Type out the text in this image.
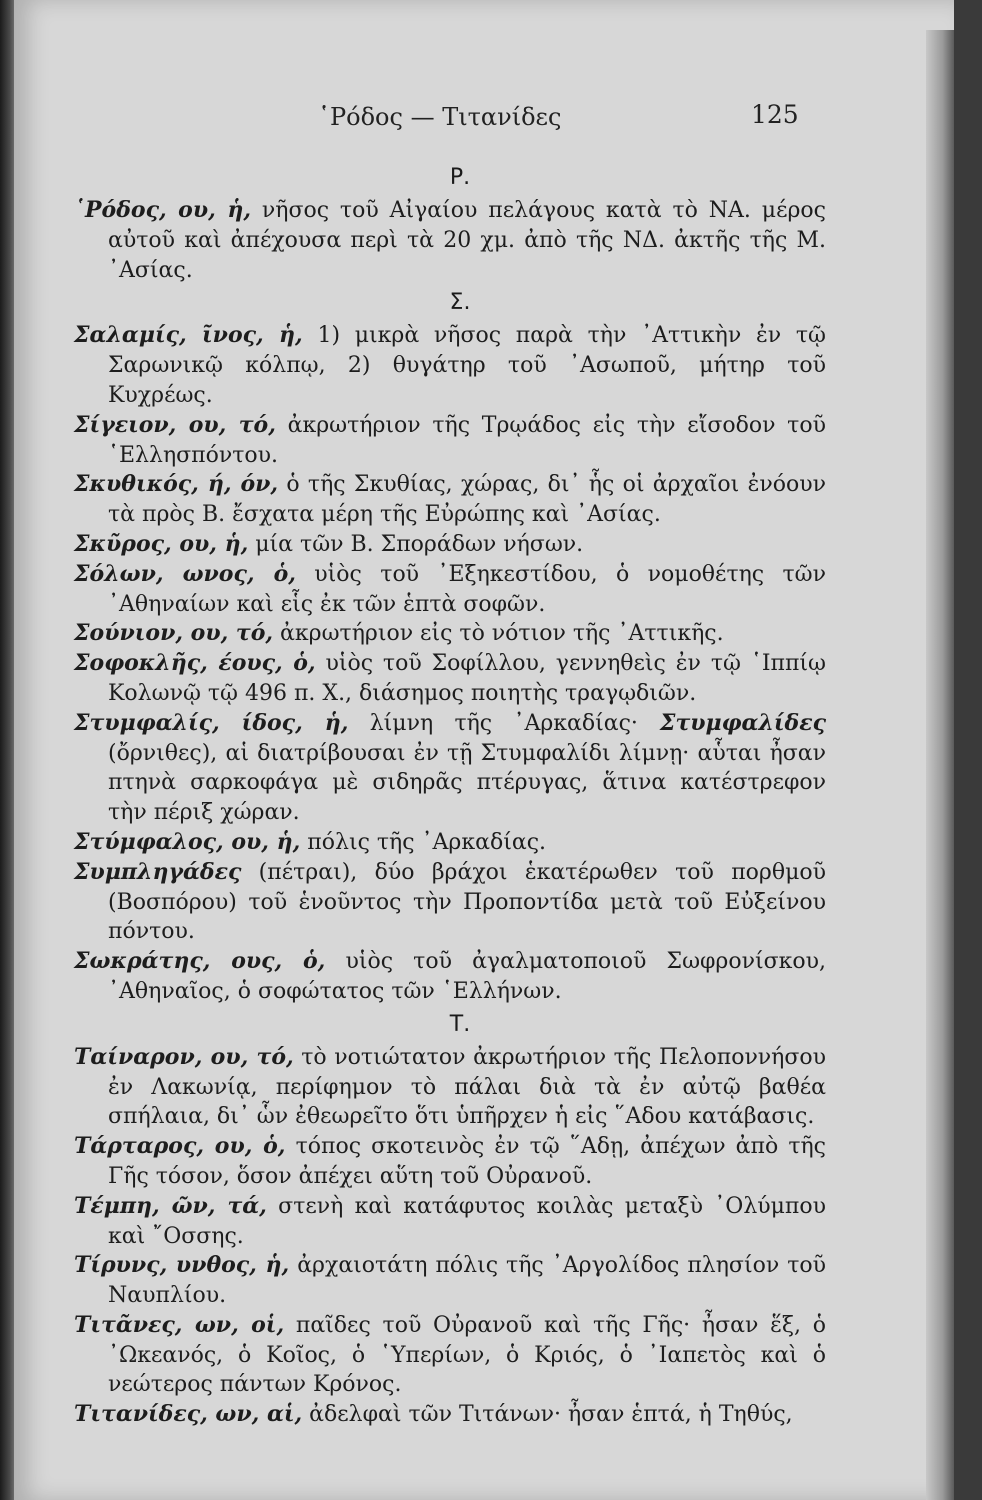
῾Ρόδος — Τιτανίδες	125
Ρ.

῾Ρόδος, ου, ἡ, νῆσος τοῦ Αἰγαίου πελάγους κατὰ τὸ ΝΑ. μέρος αὐτοῦ καὶ ἀπέχουσα περὶ τὰ 20 χμ. ἀπὸ τῆς ΝΔ. ἀκτῆς τῆς Μ. ᾿Ασίας.

Σ.

Σαλαμίς, ῖνος, ἡ, 1) μικρὰ νῆσος παρὰ τὴν ᾿Αττικὴν ἐν τῷ Σαρωνικῷ κόλπῳ, 2) θυγάτηρ τοῦ ᾿Ασωποῦ, μήτηρ τοῦ Κυχρέως.

Σίγειον, ου, τό, ἀκρωτήριον τῆς Τρῳάδος εἰς τὴν εἴσοδον τοῦ ῾Ελλησπόντου.

Σκυθικός, ή, όν, ὁ τῆς Σκυθίας, χώρας, δι᾿ ἧς οἱ ἀρχαῖοι ἐνόουν τὰ πρὸς Β. ἔσχατα μέρη τῆς Εὐρώπης καὶ ᾿Ασίας.

Σκῦρος, ου, ἡ, μία τῶν Β. Σποράδων νήσων.

Σόλων, ωνος, ὁ, υἱὸς τοῦ ᾿Εξηκεστίδου, ὁ νομοθέτης τῶν ᾿Αθηναίων καὶ εἷς ἐκ τῶν ἑπτὰ σοφῶν.

Σούνιον, ου, τό, ἀκρωτήριον εἰς τὸ νότιον τῆς ᾿Αττικῆς.

Σοφοκλῆς, έους, ὁ, υἱὸς τοῦ Σοφίλλου, γεννηθεὶς ἐν τῷ ῾Ιππίῳ Κολωνῷ τῷ 496 π. Χ., διάσημος ποιητὴς τραγῳδιῶν.

Στυμφαλίς, ίδος, ἡ, λίμνη τῆς ᾿Αρκαδίας· Στυμφαλίδες (ὄρνιθες), αἱ διατρίβουσαι ἐν τῇ Στυμφαλίδι λίμνῃ· αὗται ἦσαν πτηνὰ σαρκοφάγα μὲ σιδηρᾶς πτέρυγας, ἅτινα κατέστρεφον τὴν πέριξ χώραν.

Στύμφαλος, ου, ἡ, πόλις τῆς ᾿Αρκαδίας.

Συμπληγάδες (πέτραι), δύο βράχοι ἑκατέρωθεν τοῦ πορθμοῦ (Βοσπόρου) τοῦ ἑνοῦντος τὴν Προποντίδα μετὰ τοῦ Εὐξείνου πόντου.

Σωκράτης, ους, ὁ, υἱὸς τοῦ ἀγαλματοποιοῦ Σωφρονίσκου, ᾿Αθηναῖος, ὁ σοφώτατος τῶν ῾Ελλήνων.

Τ.

Ταίναρον, ου, τό, τὸ νοτιώτατον ἀκρωτήριον τῆς Πελοποννήσου ἐν Λακωνίᾳ, περίφημον τὸ πάλαι διὰ τὰ ἐν αὐτῷ βαθέα σπήλαια, δι᾿ ὧν ἐθεωρεῖτο ὅτι ὑπῆρχεν ἡ εἰς ῞Αδου κατάβασις.

Τάρταρος, ου, ὁ, τόπος σκοτεινὸς ἐν τῷ ῞Αδῃ, ἀπέχων ἀπὸ τῆς Γῆς τόσον, ὅσον ἀπέχει αὕτη τοῦ Οὐρανοῦ.

Τέμπη, ῶν, τά, στενὴ καὶ κατάφυτος κοιλὰς μεταξὺ ᾿Ολύμπου καὶ ῎Οσσης.

Τίρυνς, υνθος, ἡ, ἀρχαιοτάτη πόλις τῆς ᾿Αργολίδος πλησίον τοῦ Ναυπλίου.

Τιτᾶνες, ων, οἱ, παῖδες τοῦ Οὐρανοῦ καὶ τῆς Γῆς· ἦσαν ἕξ, ὁ ᾿Ωκεανός, ὁ Κοῖος, ὁ ῾Υπερίων, ὁ Κριός, ὁ ᾿Ιαπετὸς καὶ ὁ νεώτερος πάντων Κρόνος.

Τιτανίδες, ων, αἱ, ἀδελφαὶ τῶν Τιτάνων· ἦσαν ἑπτά, ἡ Τηθύς,
